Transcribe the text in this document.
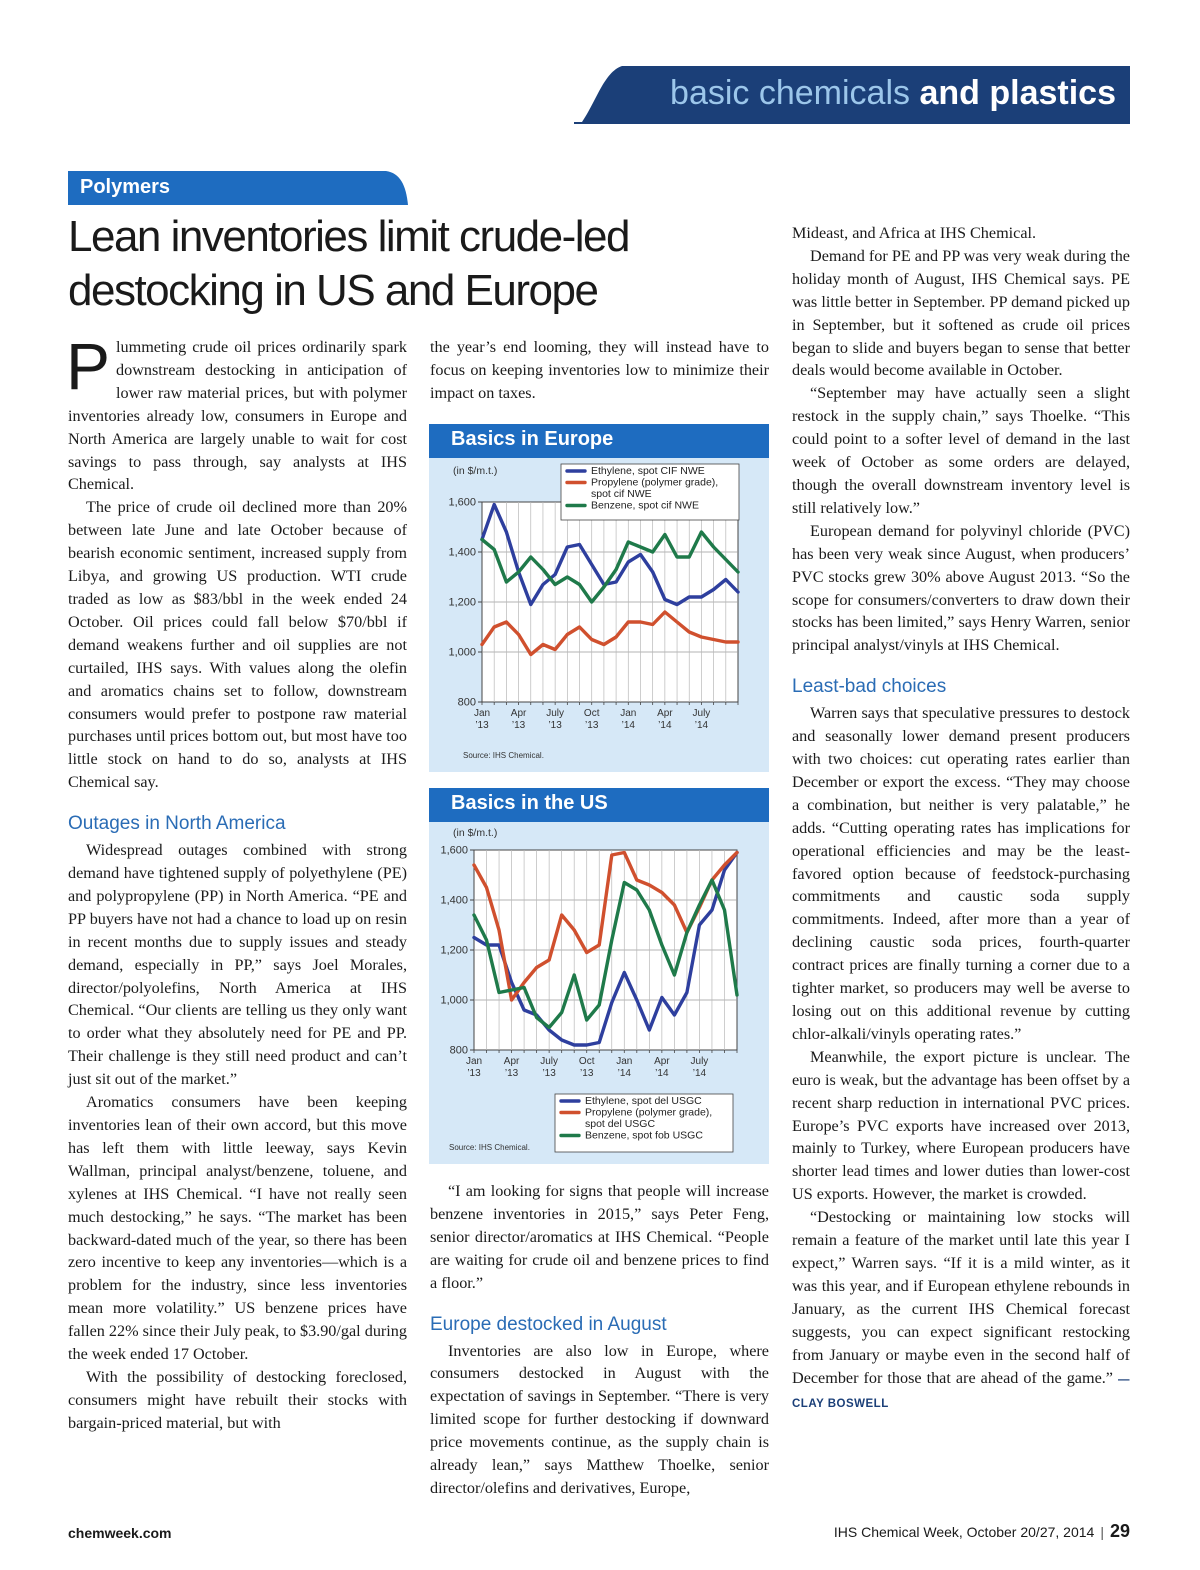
basic chemicals and plastics
Polymers
Lean inventories limit crude-led
destocking in US and Europe

Plummeting crude oil prices ordinarily spark downstream destocking in anticipation of lower raw material prices, but with polymer inventories already low, consumers in Europe and North America are largely unable to wait for cost savings to pass through, say analysts at IHS Chemical.

The price of crude oil declined more than 20% between late June and late October because of bearish economic sentiment, increased supply from Libya, and growing US production. WTI crude traded as low as $83/bbl in the week ended 24 October. Oil prices could fall below $70/bbl if demand weakens further and oil supplies are not curtailed, IHS says. With values along the olefin and aromatics chains set to follow, downstream consumers would prefer to postpone raw material purchases until prices bottom out, but most have too little stock on hand to do so, analysts at IHS Chemical say.

Outages in North America

Widespread outages combined with strong demand have tightened supply of polyethylene (PE) and polypropylene (PP) in North America. “PE and PP buyers have not had a chance to load up on resin in recent months due to supply issues and steady demand, especially in PP,” says Joel Morales, director/polyolefins, North America at IHS Chemical. “Our clients are telling us they only want to order what they absolutely need for PE and PP. Their challenge is they still need product and can’t just sit out of the market.”

Aromatics consumers have been keeping inventories lean of their own accord, but this move has left them with little leeway, says Kevin Wallman, principal analyst/benzene, toluene, and xylenes at IHS Chemical. “I have not really seen much destocking,” he says. “The market has been backward-dated much of the year, so there has been zero incentive to keep any inventories—which is a problem for the industry, since less inventories mean more volatility.” US benzene prices have fallen 22% since their July peak, to $3.90/gal during the week ended 17 October.

With the possibility of destocking foreclosed, consumers might have rebuilt their stocks with bargain-priced material, but with

the year’s end looming, they will instead have to focus on keeping inventories low to minimize their impact on taxes.

800
1,000
1,200
1,400
1,600
Jan
’13
Apr
’13
July
’13
Oct
’13
Jan
’14
Apr
’14
July
’14
(in $/m.t.)	Ethylene, spot CIF NWE
Propylene (polymer grade),
spot cif NWE
Benzene, spot cif NWE
Source: IHS Chemical.
Basics in Europe
800
1,000
1,200
1,400
1,600
Jan
’13
Apr
’13
July
’13
Oct
’13
Jan
’14
Apr
’14
July
’14
(in $/m.t.)
Ethylene, spot del USGC
Propylene (polymer grade),
spot del USGC
Benzene, spot fob USGC
Source: IHS Chemical.
Basics in the US

“I am looking for signs that people will increase benzene inventories in 2015,” says Peter Feng, senior director/aromatics at IHS Chemical. “People are waiting for crude oil and benzene prices to find a floor.”

Europe destocked in August

Inventories are also low in Europe, where consumers destocked in August with the expectation of savings in September. “There is very limited scope for further destocking if downward price movements continue, as the supply chain is already lean,” says Matthew Thoelke, senior director/olefins and derivatives, Europe,

Mideast, and Africa at IHS Chemical.

Demand for PE and PP was very weak during the holiday month of August, IHS Chemical says. PE was little better in September. PP demand picked up in September, but it softened as crude oil prices began to slide and buyers began to sense that better deals would become available in October.

“September may have actually seen a slight restock in the supply chain,” says Thoelke. “This could point to a softer level of demand in the last week of October as some orders are delayed, though the overall downstream inventory level is still relatively low.”

European demand for polyvinyl chloride (PVC) has been very weak since August, when producers’ PVC stocks grew 30% above August 2013. “So the scope for consumers/converters to draw down their stocks has been limited,” says Henry Warren, senior principal analyst/vinyls at IHS Chemical.

Least-bad choices

Warren says that speculative pressures to destock and seasonally lower demand present producers with two choices: cut operating rates earlier than December or export the excess. “They may choose a combination, but neither is very palatable,” he adds. “Cutting operating rates has implications for operational efficiencies and may be the least-favored option because of feedstock-purchasing commitments and caustic soda supply commitments. Indeed, after more than a year of declining caustic soda prices, fourth-quarter contract prices are finally turning a corner due to a tighter market, so producers may well be averse to losing out on this additional revenue by cutting chlor-alkali/vinyls operating rates.”

Meanwhile, the export picture is unclear. The euro is weak, but the advantage has been offset by a recent sharp reduction in international PVC prices. Europe’s PVC exports have increased over 2013, mainly to Turkey, where European producers have shorter lead times and lower duties than lower-cost US exports. However, the market is crowded.

“Destocking or maintaining low stocks will remain a feature of the market until late this year I expect,” Warren says. “If it is a mild winter, as it was this year, and if European ethylene rebounds in January, as the current IHS Chemical forecast suggests, you can expect significant restocking from January or maybe even in the second half of December for those that are ahead of the game.” —CLAY BOSWELL

chemweek.com	IHS Chemical Week, October 20/27, 2014 | 29
